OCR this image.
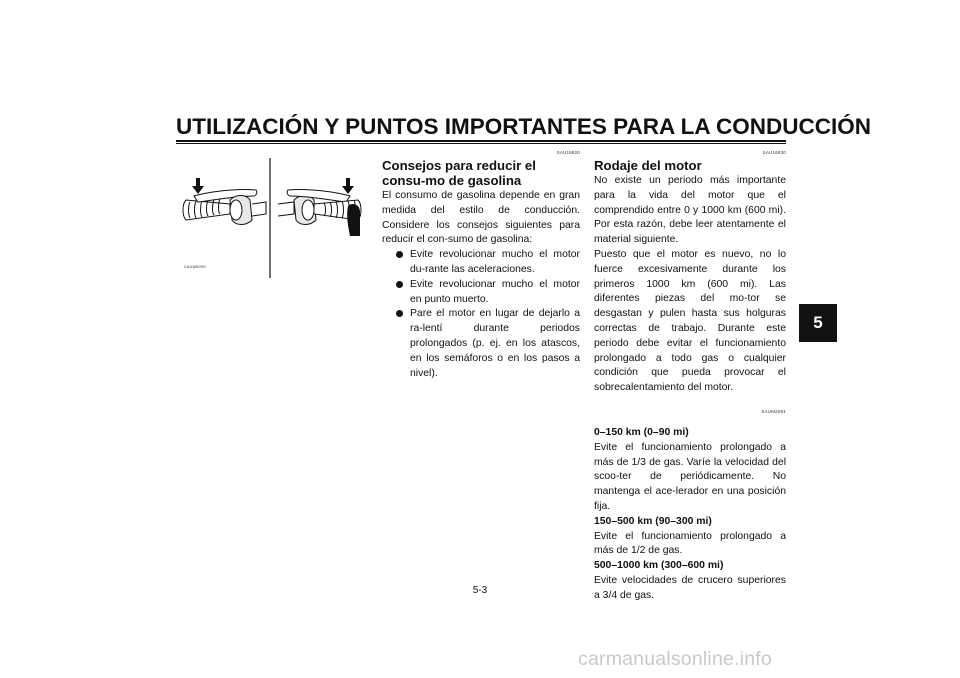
UTILIZACIÓN Y PUNTOS IMPORTANTES PARA LA CONDUCCIÓN
5
ZAUM0099
SAU16820
Consejos para reducir el consu-mo de gasolina

El consumo de gasolina depende en gran medida del estilo de conducción. Considere los consejos siguientes para reducir el con-sumo de gasolina:

Evite revolucionar mucho el motor du-rante las aceleraciones.
Evite revolucionar mucho el motor en punto muerto.
Pare el motor en lugar de dejarlo a ra-lentí durante periodos prolongados (p. ej. en los atascos, en los semáforos o en los pasos a nivel).
SAU16830
Rodaje del motor

No existe un periodo más importante para la vida del motor que el comprendido entre 0 y 1000 km (600 mi). Por esta razón, debe leer atentamente el material siguiente.

Puesto que el motor es nuevo, no lo fuerce excesivamente durante los primeros 1000 km (600 mi). Las diferentes piezas del mo-tor se desgastan y pulen hasta sus holguras correctas de trabajo. Durante este periodo debe evitar el funcionamiento prolongado a todo gas o cualquier condición que pueda provocar el sobrecalentamiento del motor.

SAUM2091

0–150 km (0–90 mi)

Evite el funcionamiento prolongado a más de 1/3 de gas. Varíe la velocidad del scoo-ter de periódicamente. No mantenga el ace-lerador en una posición fija.

150–500 km (90–300 mi)

Evite el funcionamiento prolongado a más de 1/2 de gas.

500–1000 km (300–600 mi)

Evite velocidades de crucero superiores a 3/4 de gas.

5-3
carmanualsonline.info
